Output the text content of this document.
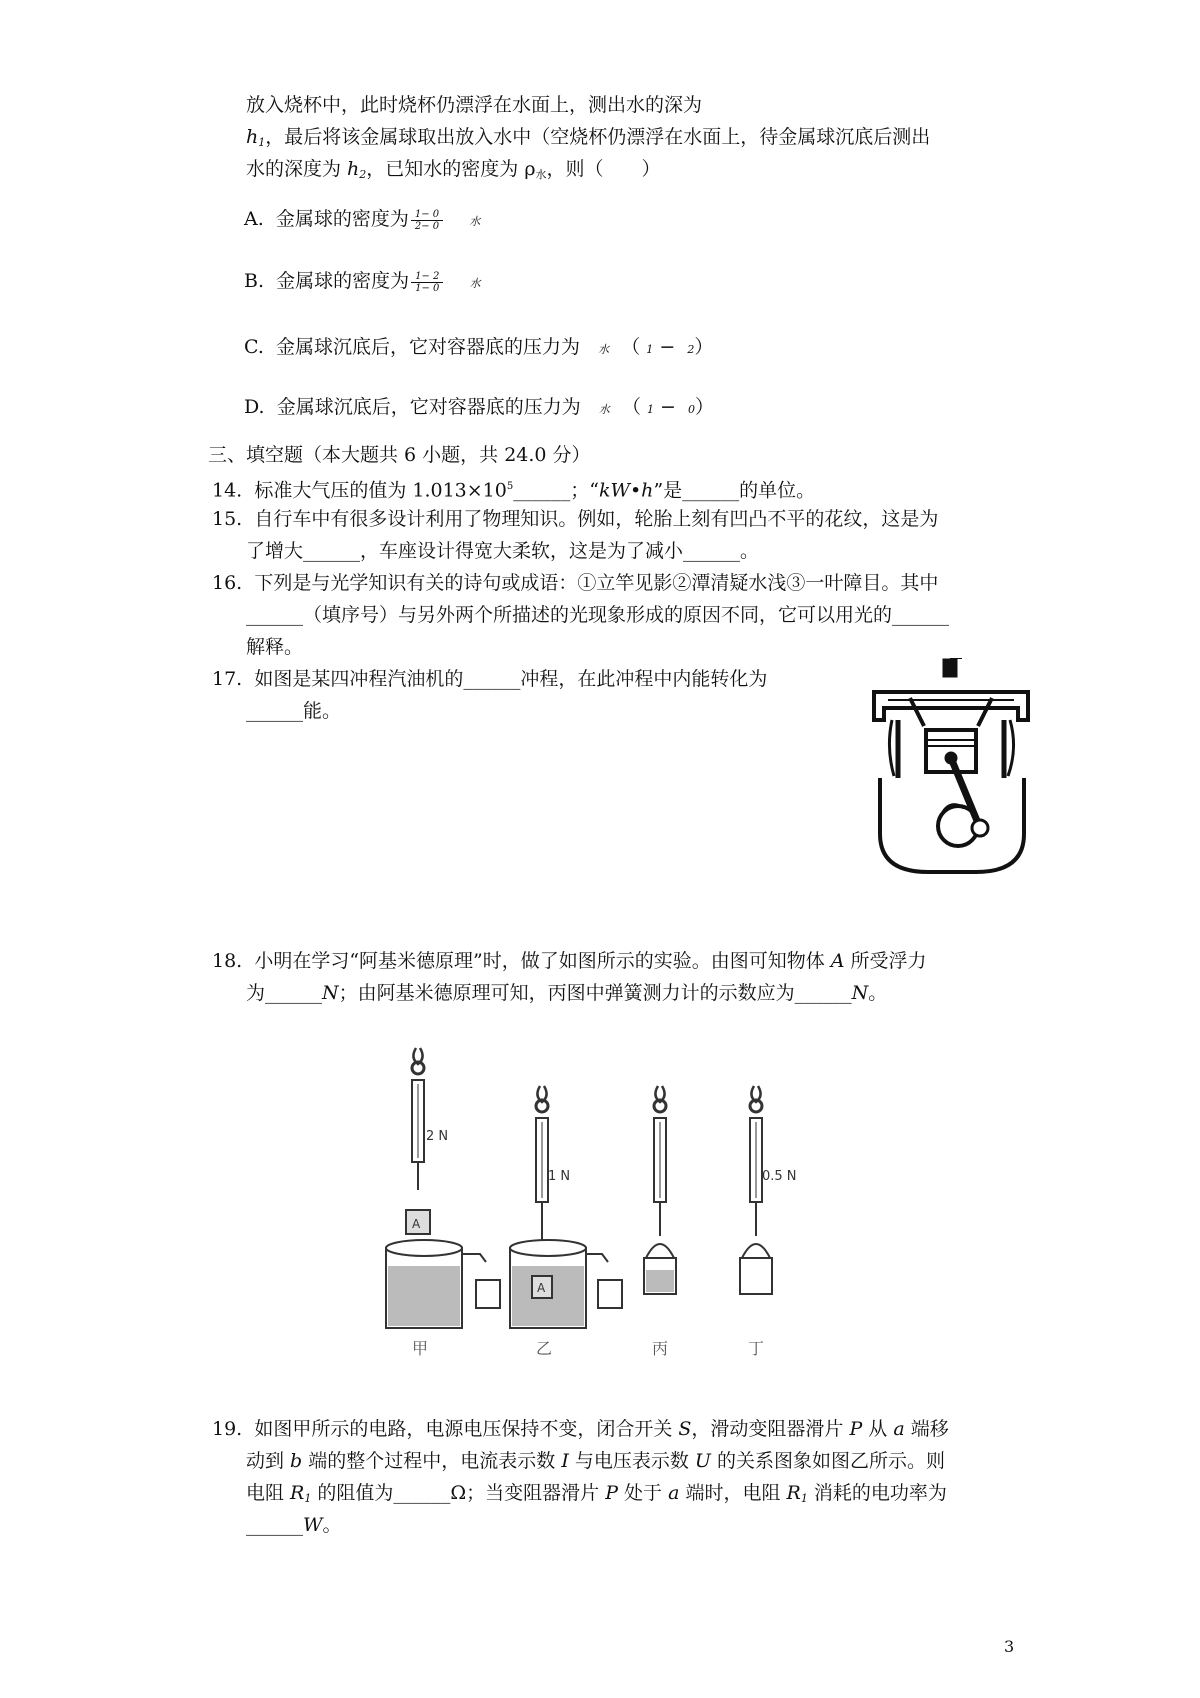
放入烧杯中，此时烧杯仍漂浮在水面上，测出水的深为
$h_1$，最后将该金属球取出放入水中（空烧杯仍漂浮在水面上，待金属球沉底后测出
水的深度为 $h_2$，已知水的密度为 $\rho_水$，则（　　）
A. 金属球的密度为 $\frac{1- 0}{2- 0}$ 水
B. 金属球的密度为 $\frac{1- 2}{1- 0}$ 水
C. 金属球沉底后，它对容器底的压力为 水 （ 1 − 2）
D. 金属球沉底后，它对容器底的压力为 水 （ 1 − 0）
三、填空题（本大题共 6 小题，共 24.0 分）
14. 标准大气压的值为 $1.013\times 10^5\_\_\_\_\_\_$；“kW•h”是______的单位。
15. 自行车中有很多设计利用了物理知识。例如，轮胎上刻有凹凸不平的花纹，这是为
了增大______，车座设计得宽大柔软，这是为了减小______。
16. 下列是与光学知识有关的诗句或成语：①立竿见影②潭清疑水浅③一叶障目。其中
______（填序号）与另外两个所描述的光现象形成的原因不同，它可以用光的______
解释。
17. 如图是某四冲程汽油机的______冲程，在此冲程中内能转化为
______能。
18. 小明在学习“阿基米德原理”时，做了如图所示的实验。由图可知物体 A 所受浮力
为______N；由阿基米德原理可知，丙图中弹簧测力计的示数应为______N。
2 N
1 N	0.5 N
A
A
甲	乙	丙	丁
19. 如图甲所示的电路，电源电压保持不变，闭合开关 S，滑动变阻器滑片 P 从 a 端移
动到 b 端的整个过程中，电流表示数 I 与电压表示数 U 的关系图象如图乙所示。则
电阻 $R_1$ 的阻值为______Ω；当变阻器滑片 P 处于 a 端时，电阻 $R_1$ 消耗的电功率为
______W。
3
